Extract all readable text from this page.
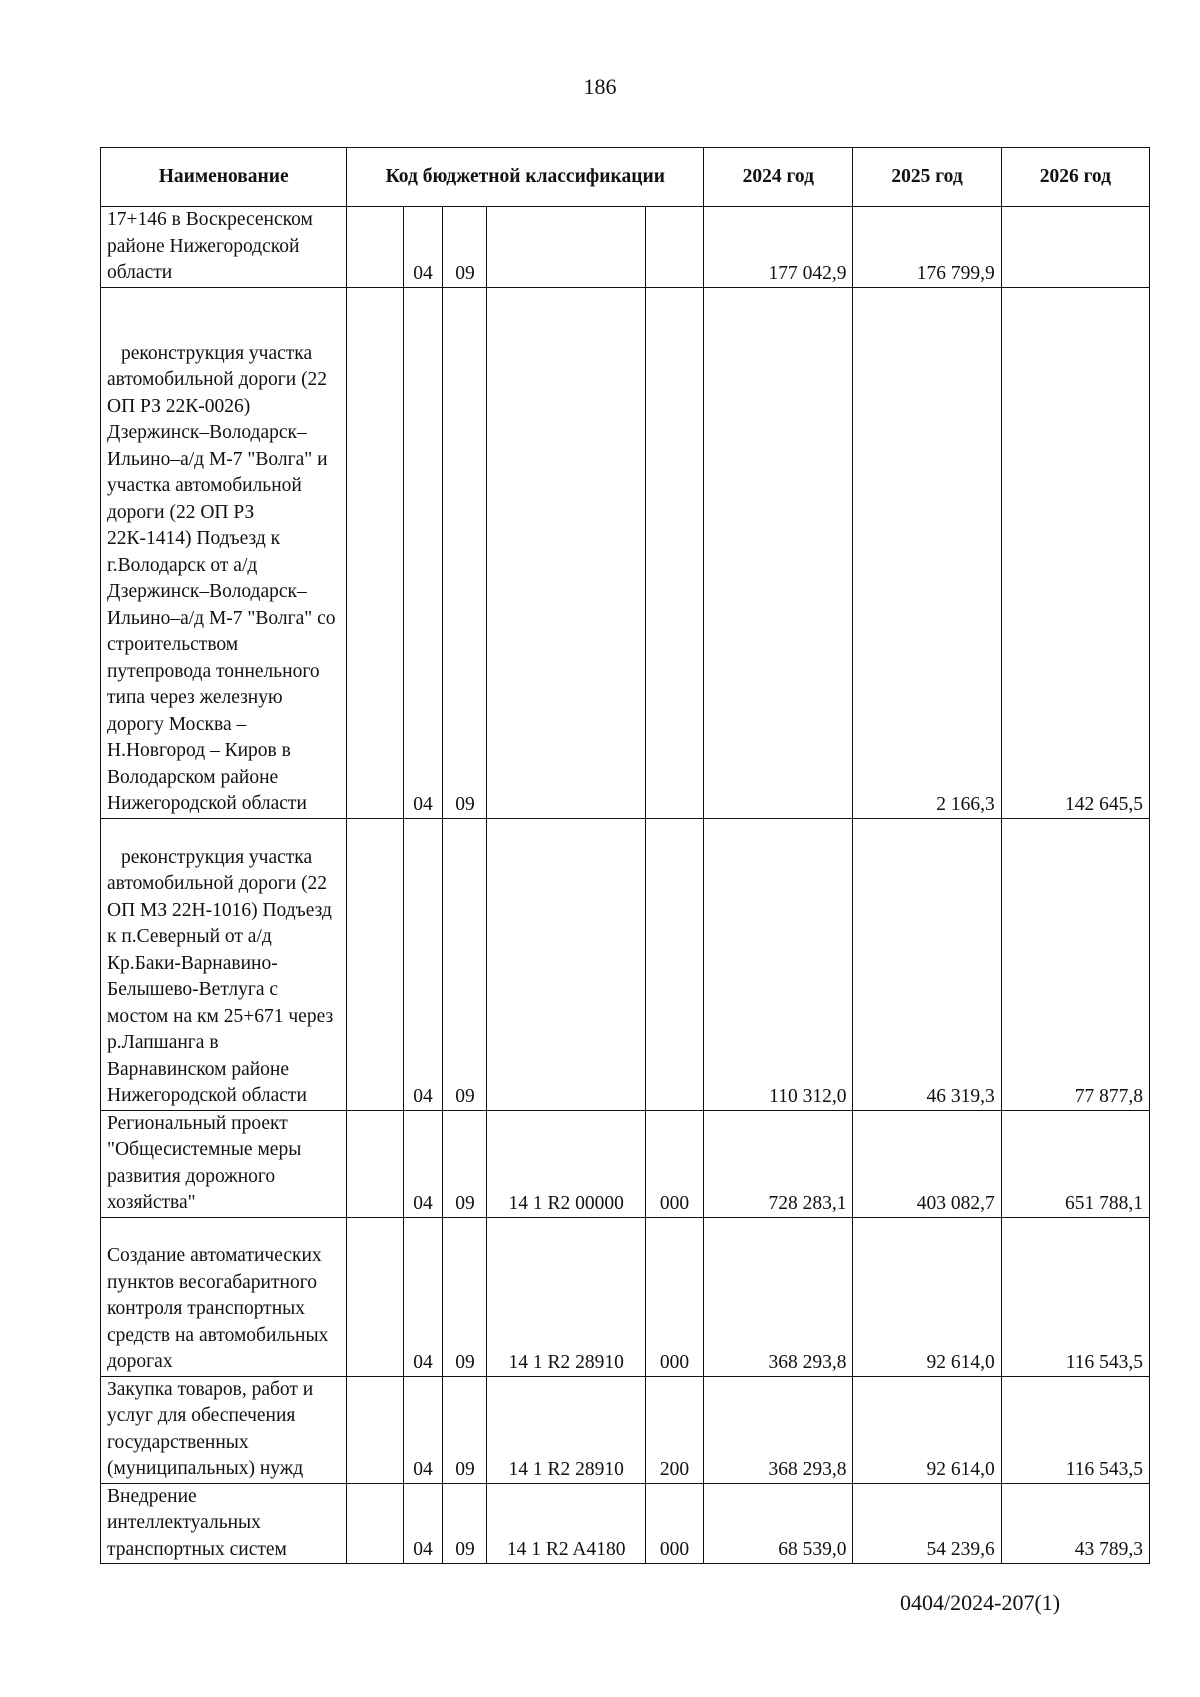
186
Наименование	Код бюджетной классификации					2024 год	2025 год	2026 год
17+146 в Воскресенском районе Нижегородской области		04	09			177 042,9	176 799,9	
реконструкция участка автомобильной дороги (22 ОП РЗ 22К-0026) Дзержинск–Володарск–Ильино–а/д М-7 "Волга" и участка автомобильной дороги (22 ОП РЗ 22К-1414) Подъезд к г.Володарск от а/д Дзержинск–Володарск–Ильино–а/д М-7 "Волга" со строительством путепровода тоннельного типа через железную дорогу Москва – Н.Новгород – Киров в Володарском районе Нижегородской области		04	09				2 166,3	142 645,5
реконструкция участка автомобильной дороги (22 ОП МЗ 22Н-1016) Подъезд к п.Северный от а/д Кр.Баки-Варнавино-Белышево-Ветлуга с мостом на км 25+671 через р.Лапшанга в Варнавинском районе Нижегородской области		04	09			110 312,0	46 319,3	77 877,8
Региональный проект "Общесистемные меры развития дорожного хозяйства"		04	09	14 1 R2 00000	000	728 283,1	403 082,7	651 788,1
Создание автоматических пунктов весогабаритного контроля транспортных средств на автомобильных дорогах		04	09	14 1 R2 28910	000	368 293,8	92 614,0	116 543,5
Закупка товаров, работ и услуг для обеспечения государственных (муниципальных) нужд		04	09	14 1 R2 28910	200	368 293,8	92 614,0	116 543,5
Внедрение интеллектуальных транспортных систем		04	09	14 1 R2 A4180	000	68 539,0	54 239,6	43 789,3
0404/2024-207(1)
